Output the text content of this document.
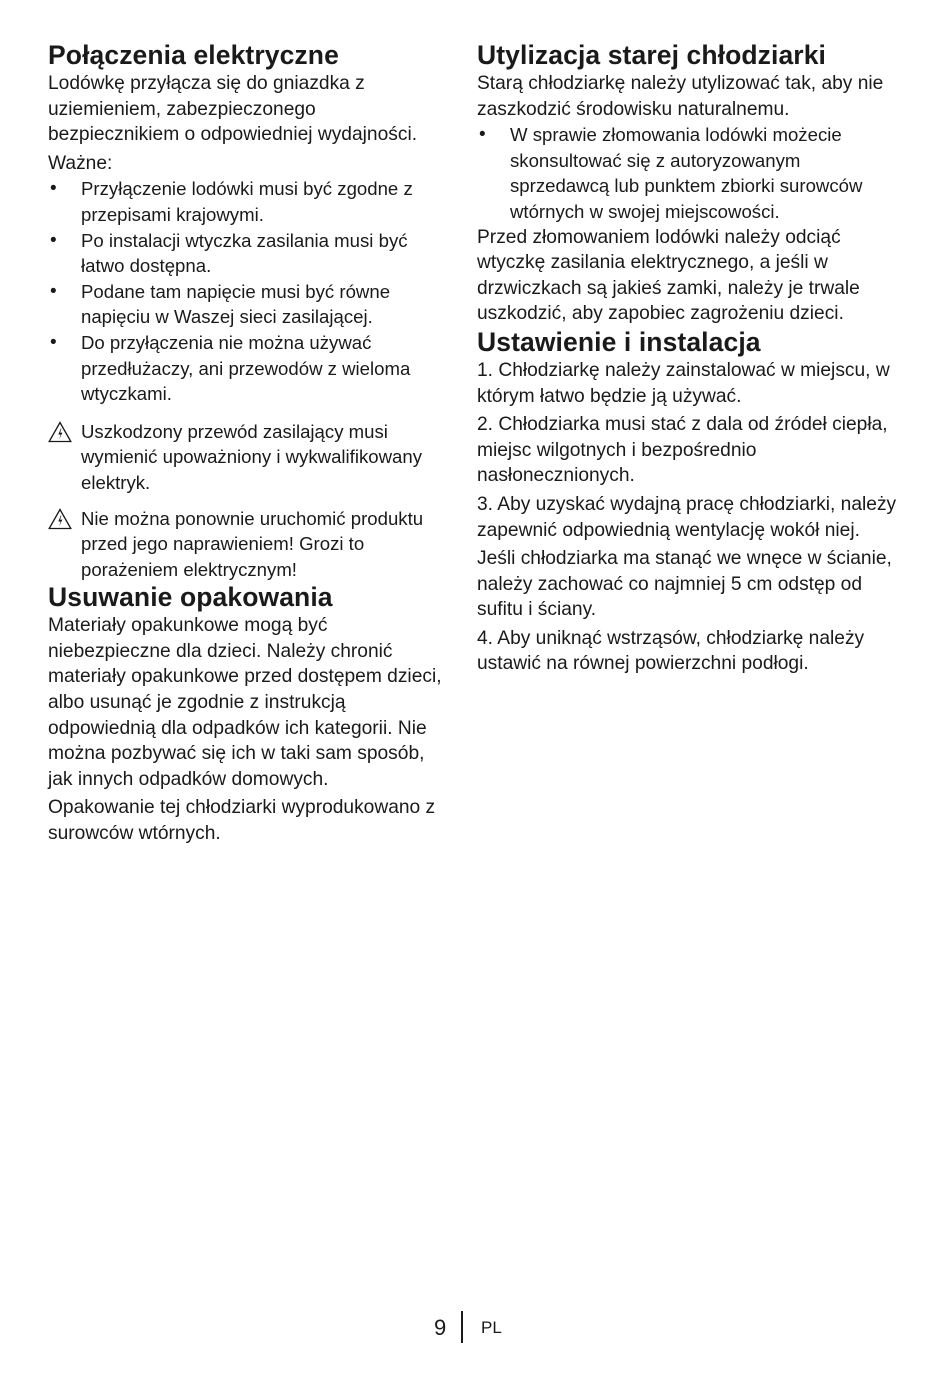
Połączenia elektryczne

Lodówkę przyłącza się do gniazdka z uziemieniem, zabezpieczonego bezpiecznikiem o odpowiedniej wydajności.

Ważne:

• Przyłączenie lodówki musi być zgodne z przepisami krajowymi.
• Po instalacji wtyczka zasilania musi być łatwo dostępna.
• Podane tam napięcie musi być równe napięciu w Waszej sieci zasilającej.
• Do przyłączenia nie można używać przedłużaczy, ani przewodów z wieloma wtyczkami.
Uszkodzony przewód zasilający musi wymienić upoważniony i wykwalifikowany elektryk.
Nie można ponownie uruchomić produktu przed jego naprawieniem! Grozi to porażeniem elektrycznym!
Usuwanie opakowania

Materiały opakunkowe mogą być niebezpieczne dla dzieci. Należy chronić materiały opakunkowe przed dostępem dzieci, albo usunąć je zgodnie z instrukcją odpowiednią dla odpadków ich kategorii. Nie można pozbywać się ich w taki sam sposób, jak innych odpadków domowych.

Opakowanie tej chłodziarki wyprodukowano z surowców wtórnych.

Utylizacja starej chłodziarki

Starą chłodziarkę należy utylizować tak, aby nie zaszkodzić środowisku naturalnemu.

• W sprawie złomowania lodówki możecie skonsultować się z autoryzowanym sprzedawcą lub punktem zbiorki surowców wtórnych w swojej miejscowości.

Przed złomowaniem lodówki należy odciąć wtyczkę zasilania elektrycznego, a jeśli w drzwiczkach są jakieś zamki, należy je trwale uszkodzić, aby zapobiec zagrożeniu dzieci.

Ustawienie i instalacja

1. Chłodziarkę należy zainstalować w miejscu, w którym łatwo będzie ją używać.

2. Chłodziarka musi stać z dala od źródeł ciepła, miejsc wilgotnych i bezpośrednio nasłonecznionych.

3. Aby uzyskać wydajną pracę chłodziarki, należy zapewnić odpowiednią wentylację wokół niej.

Jeśli chłodziarka ma stanąć we wnęce w ścianie, należy zachować co najmniej 5 cm odstęp od sufitu i ściany.

4. Aby uniknąć wstrząsów, chłodziarkę należy ustawić na równej powierzchni podłogi.

9 PL
